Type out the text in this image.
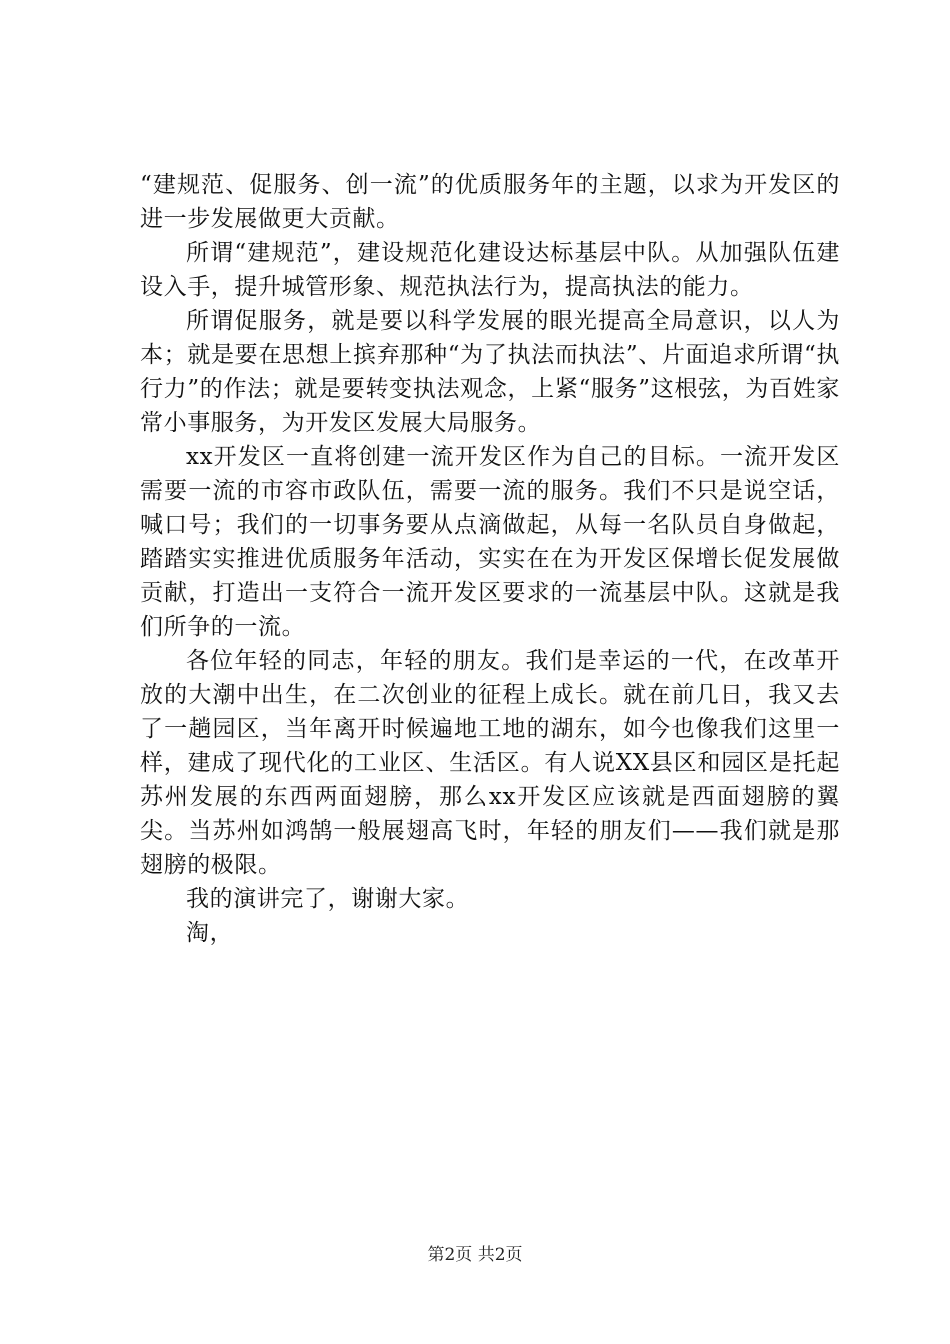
“建规范、促服务、创一流”的优质服务年的主题，以求为开发区的进一步发展做更大贡献。

所谓“建规范”，建设规范化建设达标基层中队。从加强队伍建设入手，提升城管形象、规范执法行为，提高执法的能力。

所谓促服务，就是要以科学发展的眼光提高全局意识，以人为本；就是要在思想上摈弃那种“为了执法而执法”、片面追求所谓“执行力”的作法；就是要转变执法观念，上紧“服务”这根弦，为百姓家常小事服务，为开发区发展大局服务。

xx开发区一直将创建一流开发区作为自己的目标。一流开发区需要一流的市容市政队伍，需要一流的服务。我们不只是说空话，喊口号；我们的一切事务要从点滴做起，从每一名队员自身做起，踏踏实实推进优质服务年活动，实实在在为开发区保增长促发展做贡献，打造出一支符合一流开发区要求的一流基层中队。这就是我们所争的一流。

各位年轻的同志，年轻的朋友。我们是幸运的一代，在改革开放的大潮中出生，在二次创业的征程上成长。就在前几日，我又去了一趟园区，当年离开时候遍地工地的湖东，如今也像我们这里一样，建成了现代化的工业区、生活区。有人说XX县区和园区是托起苏州发展的东西两面翅膀，那么xx开发区应该就是西面翅膀的翼尖。当苏州如鸿鹄一般展翅高飞时，年轻的朋友们——我们就是那翅膀的极限。

我的演讲完了，谢谢大家。

淘，

第2页 共2页
